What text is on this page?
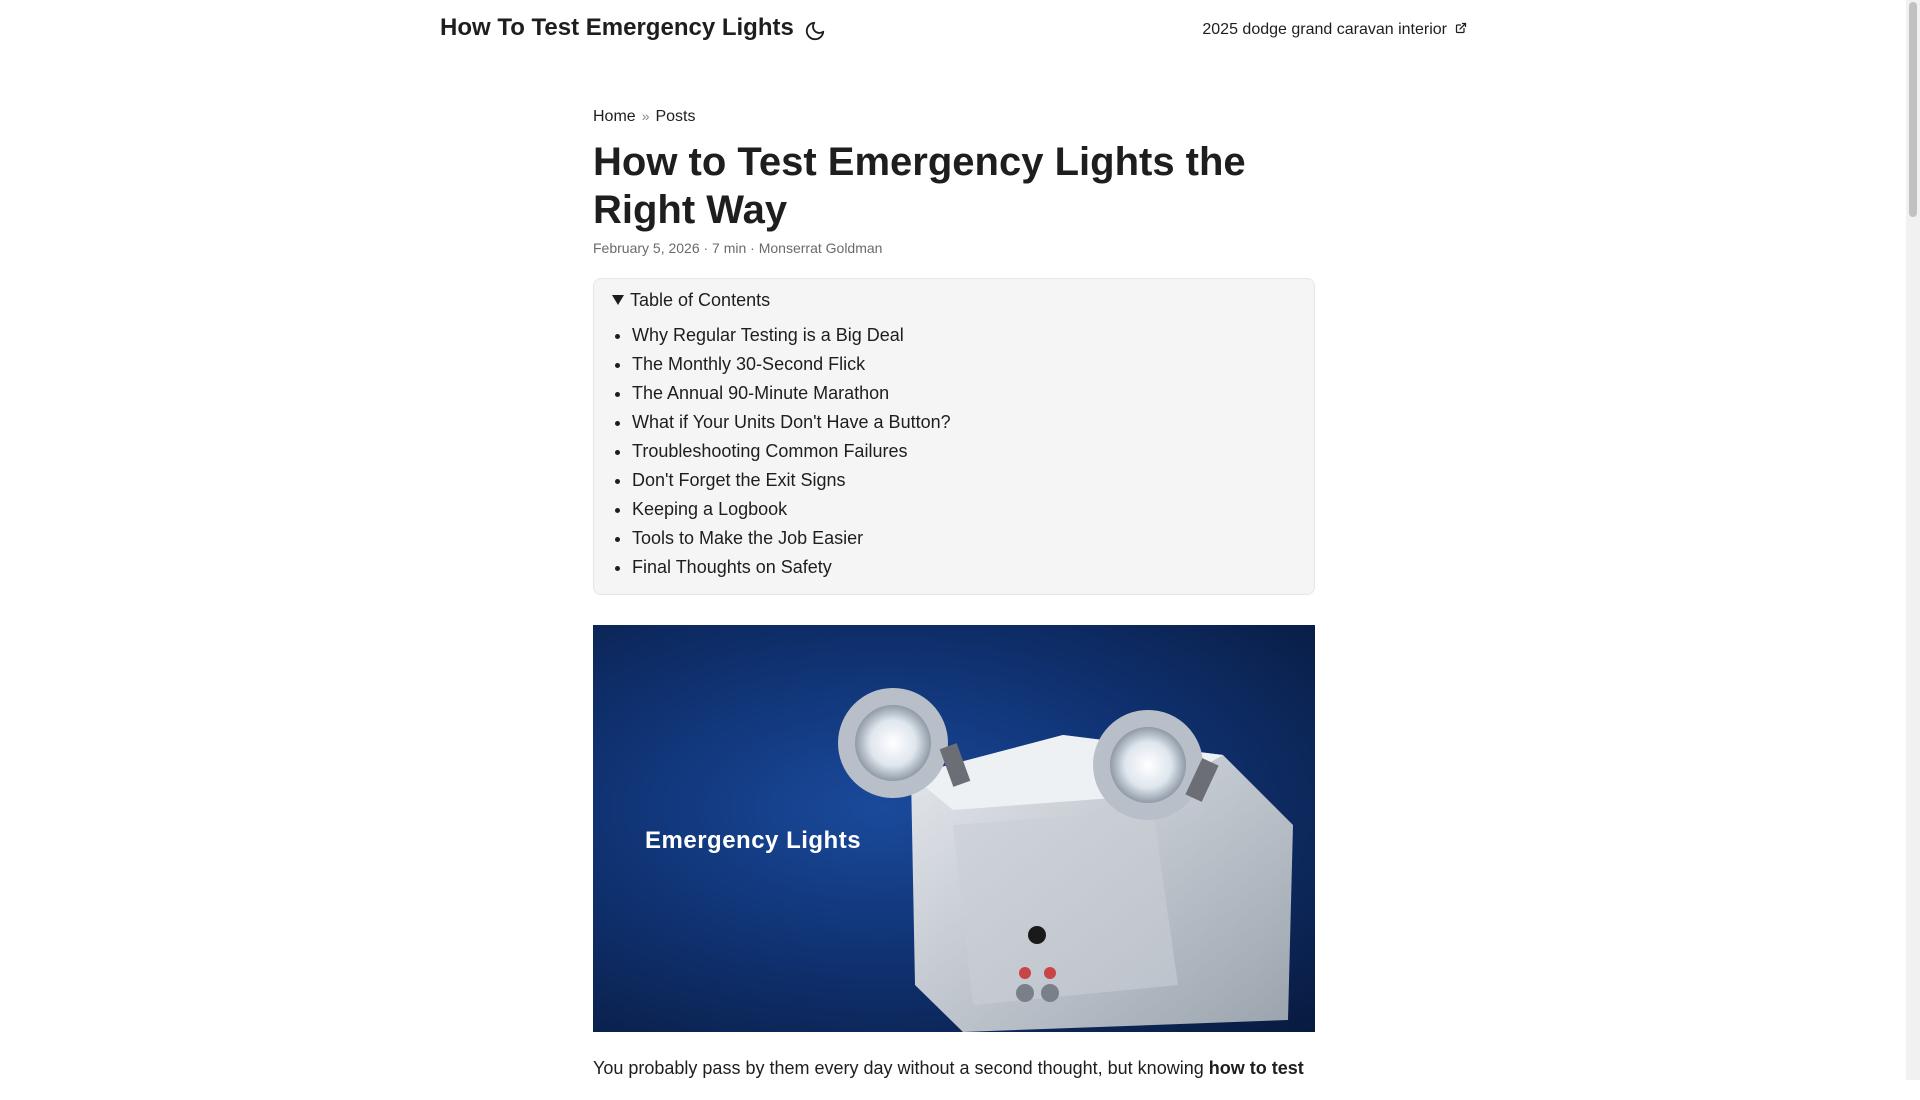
How To Test Emergency Lights	2025 dodge grand caravan interior
Home » Posts
How to Test Emergency Lights the Right Way
February 5, 2026 · 7 min · Monserrat Goldman
Table of Contents
• Why Regular Testing is a Big Deal
• The Monthly 30-Second Flick
• The Annual 90-Minute Marathon
• What if Your Units Don't Have a Button?
• Troubleshooting Common Failures
• Don't Forget the Exit Signs
• Keeping a Logbook
• Tools to Make the Job Easier
• Final Thoughts on Safety
Emergency Lights

You probably pass by them every day without a second thought, but knowing how to test
